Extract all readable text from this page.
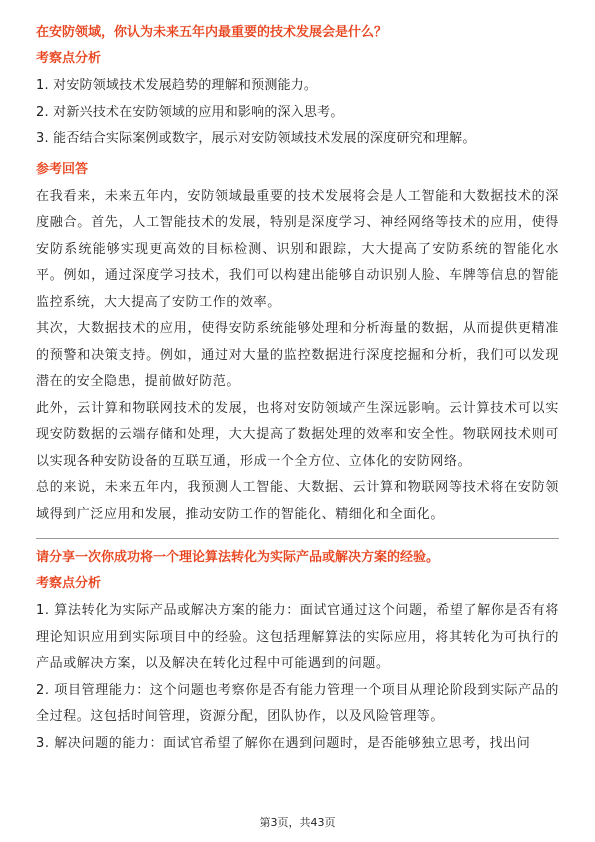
在安防领域，你认为未来五年内最重要的技术发展会是什么？
考察点分析

1. 对安防领域技术发展趋势的理解和预测能力。

2. 对新兴技术在安防领域的应用和影响的深入思考。

3. 能否结合实际案例或数字，展示对安防领域技术发展的深度研究和理解。

参考回答

在我看来，未来五年内，安防领域最重要的技术发展将会是人工智能和大数据技术的深度融合。首先，人工智能技术的发展，特别是深度学习、神经网络等技术的应用，使得安防系统能够实现更高效的目标检测、识别和跟踪，大大提高了安防系统的智能化水平。例如，通过深度学习技术，我们可以构建出能够自动识别人脸、车牌等信息的智能监控系统，大大提高了安防工作的效率。

其次，大数据技术的应用，使得安防系统能够处理和分析海量的数据，从而提供更精准的预警和决策支持。例如，通过对大量的监控数据进行深度挖掘和分析，我们可以发现潜在的安全隐患，提前做好防范。

此外，云计算和物联网技术的发展，也将对安防领域产生深远影响。云计算技术可以实现安防数据的云端存储和处理，大大提高了数据处理的效率和安全性。物联网技术则可以实现各种安防设备的互联互通，形成一个全方位、立体化的安防网络。

总的来说，未来五年内，我预测人工智能、大数据、云计算和物联网等技术将在安防领域得到广泛应用和发展，推动安防工作的智能化、精细化和全面化。

请分享一次你成功将一个理论算法转化为实际产品或解决方案的经验。
考察点分析

1. 算法转化为实际产品或解决方案的能力：面试官通过这个问题，希望了解你是否有将理论知识应用到实际项目中的经验。这包括理解算法的实际应用，将其转化为可执行的产品或解决方案，以及解决在转化过程中可能遇到的问题。

2. 项目管理能力：这个问题也考察你是否有能力管理一个项目从理论阶段到实际产品的全过程。这包括时间管理，资源分配，团队协作，以及风险管理等。

3. 解决问题的能力：面试官希望了解你在遇到问题时，是否能够独立思考，找出问

第3页，共43页
